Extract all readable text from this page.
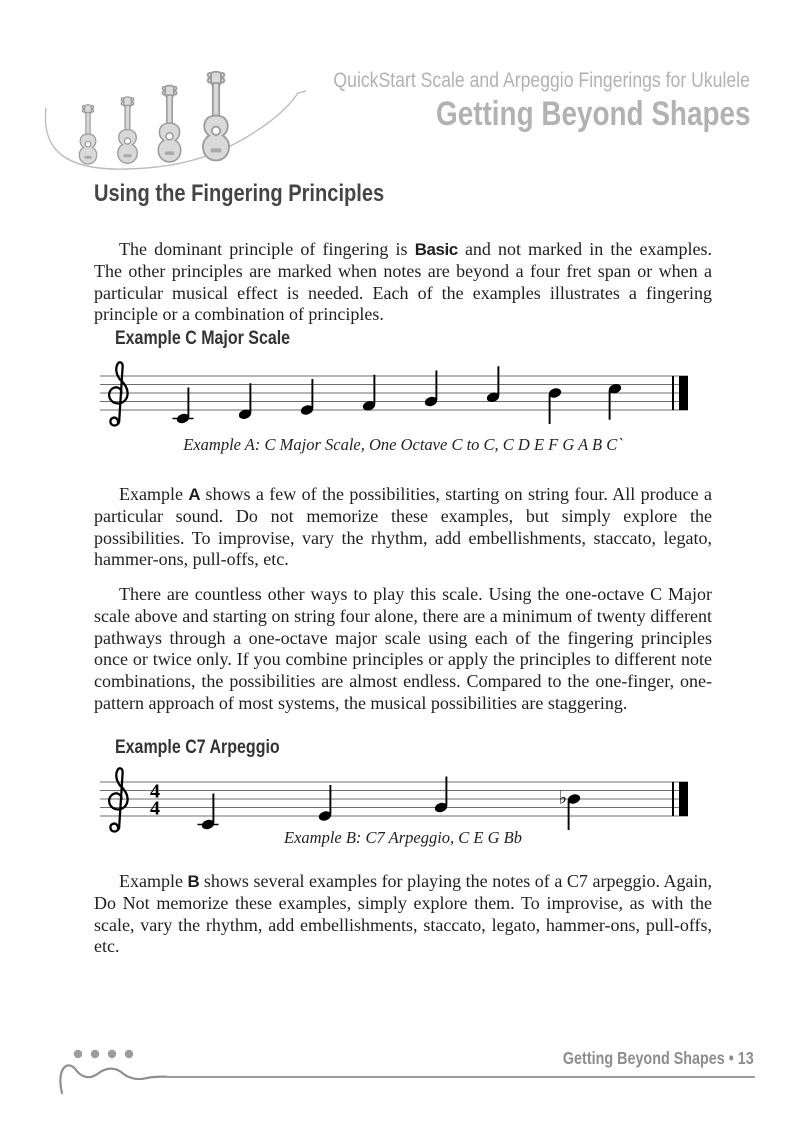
QuickStart Scale and Arpeggio Fingerings for Ukulele
Getting Beyond Shapes
Using the Fingering Principles

The dominant principle of fingering is Basic and not marked in the examples. The other principles are marked when notes are beyond a four fret span or when a particular musical effect is needed. Each of the examples illustrates a fingering principle or a combination of principles.

Example C Major Scale
Example A: C Major Scale, One Octave C to C, C D E F G A B C`

Example A shows a few of the possibilities, starting on string four. All produce a particular sound. Do not memorize these examples, but simply explore the possibilities. To improvise, vary the rhythm, add embellishments, staccato, legato, hammer-ons, pull-offs, etc.

There are countless other ways to play this scale. Using the one-octave C Major scale above and starting on string four alone, there are a minimum of twenty different pathways through a one-octave major scale using each of the fingering principles once or twice only. If you combine principles or apply the principles to different note combinations, the possibilities are almost endless. Compared to the one-finger, one-pattern approach of most systems, the musical possibilities are staggering.

Example C7 Arpeggio
4
4	♭
Example B: C7 Arpeggio, C E G Bb

Example B shows several examples for playing the notes of a C7 arpeggio. Again, Do Not memorize these examples, simply explore them. To improvise, as with the scale, vary the rhythm, add embellishments, staccato, legato, hammer-ons, pull-offs, etc.

Getting Beyond Shapes • 13
